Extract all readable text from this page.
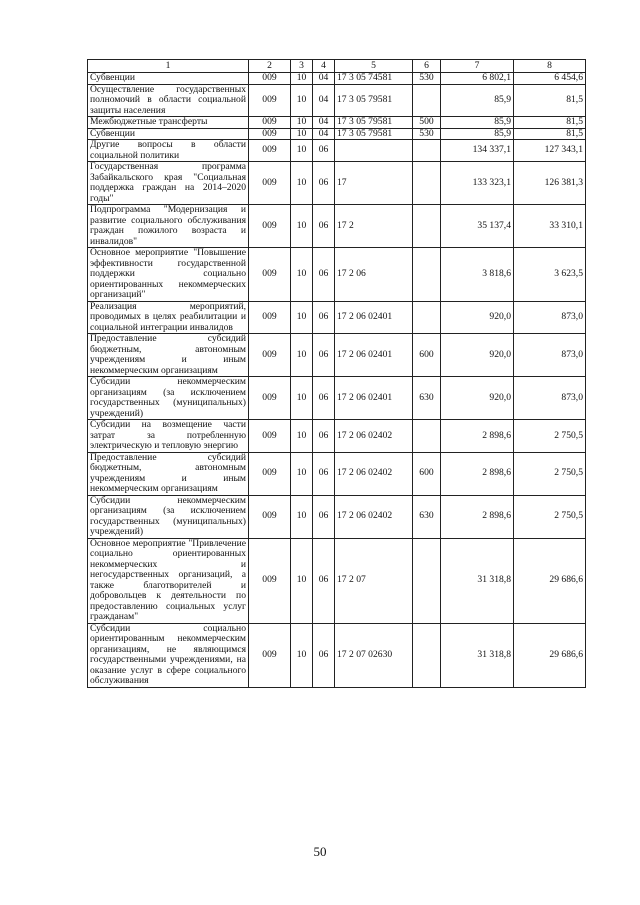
1	2	3	4	5	6	7	8
Субвенции	009	10	04	17 3 05 74581	530	6 802,1	6 454,6
Осуществление государственных полномочий в области социальной защиты населения	009	10	04	17 3 05 79581		85,9	81,5
Межбюджетные трансферты	009	10	04	17 3 05 79581	500	85,9	81,5
Субвенции	009	10	04	17 3 05 79581	530	85,9	81,5
Другие вопросы в области социальной политики	009	10	06			134 337,1	127 343,1
Государственная программа Забайкальского края "Социальная поддержка граждан на 2014–2020 годы"	009	10	06	17		133 323,1	126 381,3
Подпрограмма "Модернизация и развитие социального обслуживания граждан пожилого возраста и инвалидов"	009	10	06	17 2		35 137,4	33 310,1
Основное мероприятие "Повышение эффективности государственной поддержки социально ориентированных некоммерческих организаций"	009	10	06	17 2 06		3 818,6	3 623,5
Реализация мероприятий, проводимых в целях реабилитации и социальной интеграции инвалидов	009	10	06	17 2 06 02401		920,0	873,0
Предоставление субсидий бюджетным, автономным учреждениям и иным некоммерческим организациям	009	10	06	17 2 06 02401	600	920,0	873,0
Субсидии некоммерческим организациям (за исключением государственных (муниципальных) учреждений)	009	10	06	17 2 06 02401	630	920,0	873,0
Субсидии на возмещение части затрат за потребленную электрическую и тепловую энергию	009	10	06	17 2 06 02402		2 898,6	2 750,5
Предоставление субсидий бюджетным, автономным учреждениям и иным некоммерческим организациям	009	10	06	17 2 06 02402	600	2 898,6	2 750,5
Субсидии некоммерческим организациям (за исключением государственных (муниципальных) учреждений)	009	10	06	17 2 06 02402	630	2 898,6	2 750,5
Основное мероприятие "Привлечение социально ориентированных некоммерческих и негосударственных организаций, а также благотворителей и добровольцев к деятельности по предоставлению социальных услуг гражданам"	009	10	06	17 2 07		31 318,8	29 686,6
Субсидии социально ориентированным некоммерческим организациям, не являющимся государственными учреждениями, на оказание услуг в сфере социального обслуживания	009	10	06	17 2 07 02630		31 318,8	29 686,6
50
